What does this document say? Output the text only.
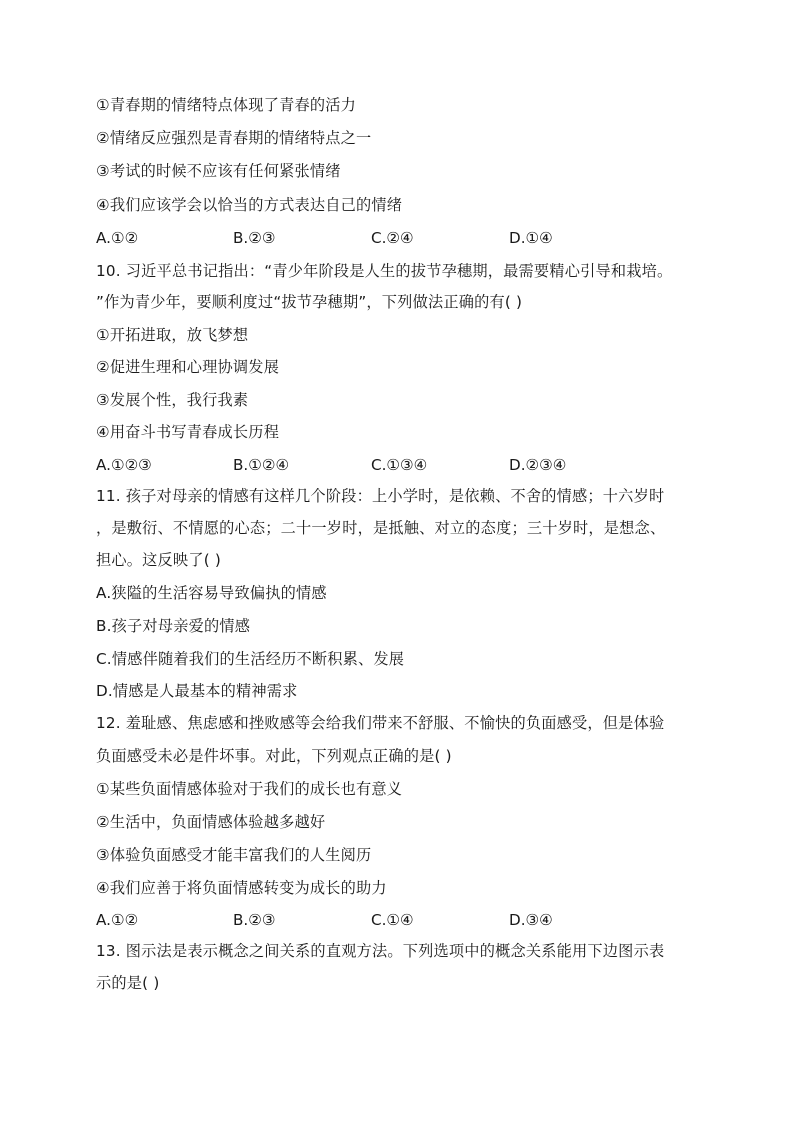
①青春期的情绪特点体现了青春的活力
②情绪反应强烈是青春期的情绪特点之一
③考试的时候不应该有任何紧张情绪
④我们应该学会以恰当的方式表达自己的情绪
A.①②	B.②③	C.②④	D.①④
10. 习近平总书记指出：“青少年阶段是人生的拔节孕穗期，最需要精心引导和栽培。
”作为青少年，要顺利度过“拔节孕穗期”，下列做法正确的有( )
①开拓进取，放飞梦想
②促进生理和心理协调发展
③发展个性，我行我素
④用奋斗书写青春成长历程
A.①②③	B.①②④	C.①③④	D.②③④
11. 孩子对母亲的情感有这样几个阶段：上小学时，是依赖、不舍的情感；十六岁时
，是敷衍、不情愿的心态；二十一岁时，是抵触、对立的态度；三十岁时，是想念、
担心。这反映了( )
A.狭隘的生活容易导致偏执的情感
B.孩子对母亲爱的情感
C.情感伴随着我们的生活经历不断积累、发展
D.情感是人最基本的精神需求
12. 羞耻感、焦虑感和挫败感等会给我们带来不舒服、不愉快的负面感受，但是体验
负面感受未必是件坏事。对此，下列观点正确的是( )
①某些负面情感体验对于我们的成长也有意义
②生活中，负面情感体验越多越好
③体验负面感受才能丰富我们的人生阅历
④我们应善于将负面情感转变为成长的助力
A.①②	B.②③	C.①④	D.③④
13. 图示法是表示概念之间关系的直观方法。下列选项中的概念关系能用下边图示表
示的是( )
